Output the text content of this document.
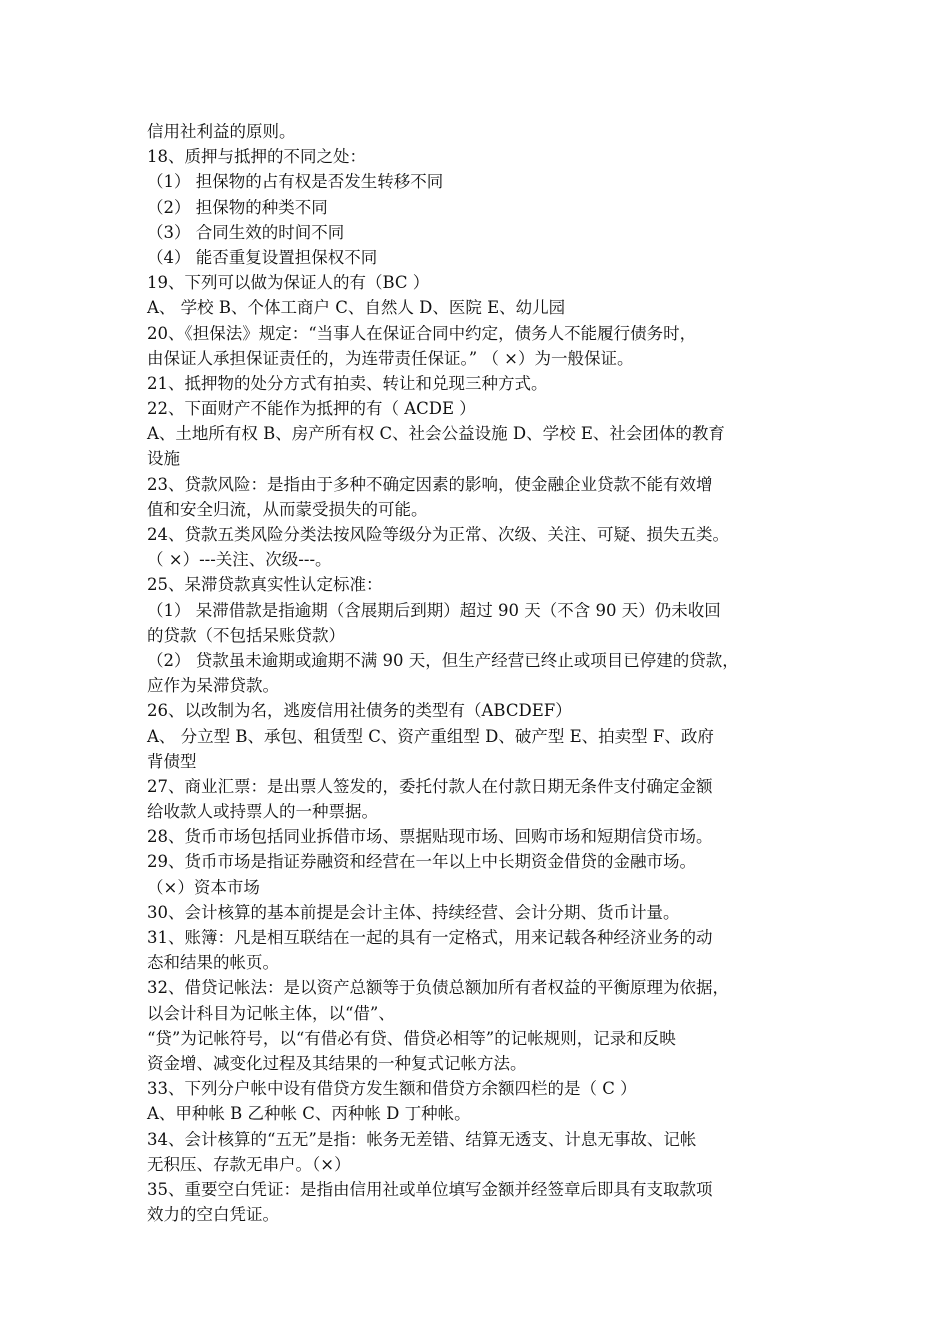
信用社利益的原则。
18、质押与抵押的不同之处：
（1） 担保物的占有权是否发生转移不同
（2） 担保物的种类不同
（3） 合同生效的时间不同
（4） 能否重复设置担保权不同
19、下列可以做为保证人的有（BC ）
A、 学校 B、个体工商户 C、自然人 D、医院 E、幼儿园
20、《担保法》规定：“当事人在保证合同中约定，债务人不能履行债务时，
由保证人承担保证责任的，为连带责任保证。” （ ×）为一般保证。
21、抵押物的处分方式有拍卖、转让和兑现三种方式。
22、下面财产不能作为抵押的有（ ACDE ）
A、土地所有权 B、房产所有权 C、社会公益设施 D、学校 E、社会团体的教育
设施
23、贷款风险：是指由于多种不确定因素的影响，使金融企业贷款不能有效增
值和安全归流，从而蒙受损失的可能。
24、贷款五类风险分类法按风险等级分为正常、次级、关注、可疑、损失五类。
（ ×）---关注、次级---。
25、呆滞贷款真实性认定标准：
（1） 呆滞借款是指逾期（含展期后到期）超过 90 天（不含 90 天）仍未收回
的贷款（不包括呆账贷款）
（2） 贷款虽未逾期或逾期不满 90 天，但生产经营已终止或项目已停建的贷款，
应作为呆滞贷款。
26、以改制为名，逃废信用社债务的类型有（ABCDEF）
A、 分立型 B、承包、租赁型 C、资产重组型 D、破产型 E、拍卖型 F、政府
背债型
27、商业汇票：是出票人签发的，委托付款人在付款日期无条件支付确定金额
给收款人或持票人的一种票据。
28、货币市场包括同业拆借市场、票据贴现市场、回购市场和短期信贷市场。
29、货币市场是指证券融资和经营在一年以上中长期资金借贷的金融市场。
（×）资本市场
30、会计核算的基本前提是会计主体、持续经营、会计分期、货币计量。
31、账簿：凡是相互联结在一起的具有一定格式，用来记载各种经济业务的动
态和结果的帐页。
32、借贷记帐法：是以资产总额等于负债总额加所有者权益的平衡原理为依据，
以会计科目为记帐主体，以“借”、
“贷”为记帐符号，以“有借必有贷、借贷必相等”的记帐规则，记录和反映
资金增、减变化过程及其结果的一种复式记帐方法。
33、下列分户帐中设有借贷方发生额和借贷方余额四栏的是（ C ）
A、甲种帐 B 乙种帐 C、丙种帐 D 丁种帐。
34、会计核算的“五无”是指：帐务无差错、结算无透支、计息无事故、记帐
无积压、存款无串户。（×）
35、重要空白凭证：是指由信用社或单位填写金额并经签章后即具有支取款项
效力的空白凭证。
